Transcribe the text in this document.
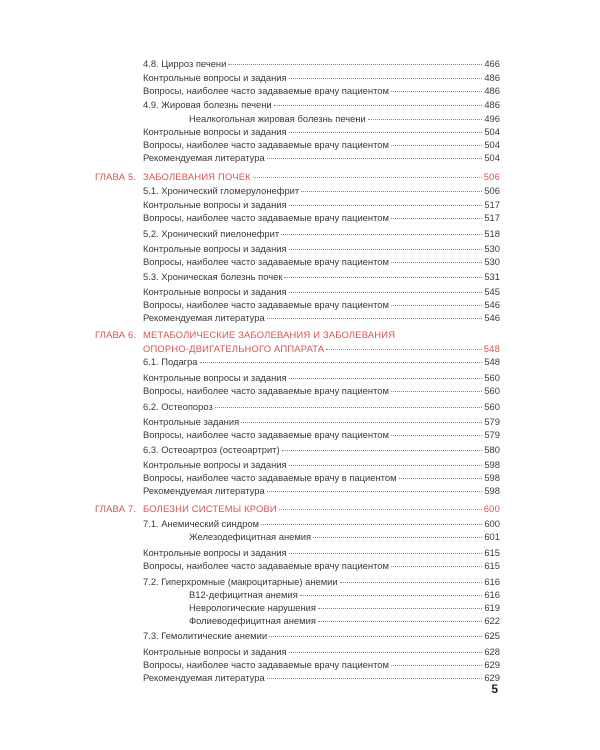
4.8. Цирроз печени	466
Контрольные вопросы и задания	486
Вопросы, наиболее часто задаваемые врачу пациентом	486
4.9. Жировая болезнь печени	486
Неалкогольная жировая болезнь печени	496
Контрольные вопросы и задания	504
Вопросы, наиболее часто задаваемые врачу пациентом	504
Рекомендуемая литература	504
ГЛАВА 5. ЗАБОЛЕВАНИЯ ПОЧЕК	506
5.1. Хронический гломерулонефрит	506
Контрольные вопросы и задания	517
Вопросы, наиболее часто задаваемые врачу пациентом	517
5.2. Хронический пиелонефрит	518
Контрольные вопросы и задания	530
Вопросы, наиболее часто задаваемые врачу пациентом	530
5.3. Хроническая болезнь почек	531
Контрольные вопросы и задания	545
Вопросы, наиболее часто задаваемые врачу пациентом	546
Рекомендуемая литература	546
ГЛАВА 6. МЕТАБОЛИЧЕСКИЕ ЗАБОЛЕВАНИЯ И ЗАБОЛЕВАНИЯ
ОПОРНО-ДВИГАТЕЛЬНОГО АППАРАТА	548
6.1. Подагра	548
Контрольные вопросы и задания	560
Вопросы, наиболее часто задаваемые врачу пациентом	560
6.2. Остеопороз	560
Контрольные задания	579
Вопросы, наиболее часто задаваемые врачу пациентом	579
6.3. Остеоартроз (остеоартрит)	580
Контрольные вопросы и задания	598
Вопросы, наиболее часто задаваемые врачу в пациентом	598
Рекомендуемая литература	598
ГЛАВА 7. БОЛЕЗНИ СИСТЕМЫ КРОВИ	600
7.1. Анемический синдром	600
Железодефицитная анемия	601
Контрольные вопросы и задания	615
Вопросы, наиболее часто задаваемые врачу пациентом	615
7.2. Гиперхромные (макроцитарные) анемии	616
B12-дефицитная анемия	616
Неврологические нарушения	619
Фолиеводефицитная анемия	622
7.3. Гемолитические анемии	625
Контрольные вопросы и задания	628
Вопросы, наиболее часто задаваемые врачу пациентом	629
Рекомендуемая литература	629
5
